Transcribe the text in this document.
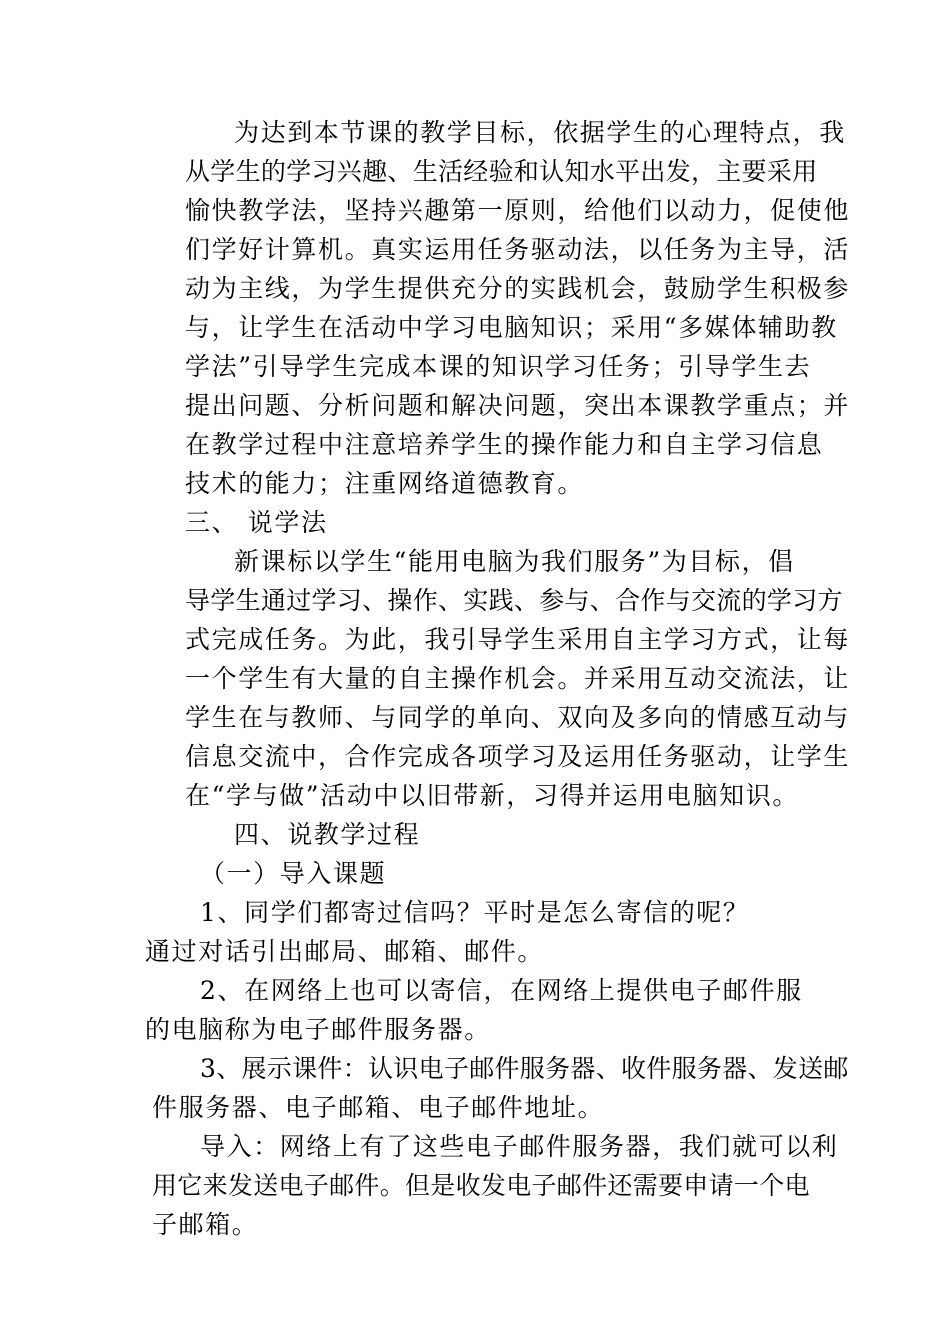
为达到本节课的教学目标，依据学生的心理特点，我
从学生的学习兴趣、生活经验和认知水平出发，主要采用
愉快教学法，坚持兴趣第一原则，给他们以动力，促使他
们学好计算机。真实运用任务驱动法，以任务为主导，活
动为主线，为学生提供充分的实践机会，鼓励学生积极参
与，让学生在活动中学习电脑知识；采用“多媒体辅助教
学法”引导学生完成本课的知识学习任务；引导学生去
提出问题、分析问题和解决问题，突出本课教学重点；并
在教学过程中注意培养学生的操作能力和自主学习信息
技术的能力；注重网络道德教育。
三、 说学法
新课标以学生“能用电脑为我们服务”为目标，倡
导学生通过学习、操作、实践、参与、合作与交流的学习方
式完成任务。为此，我引导学生采用自主学习方式，让每
一个学生有大量的自主操作机会。并采用互动交流法，让
学生在与教师、与同学的单向、双向及多向的情感互动与
信息交流中，合作完成各项学习及运用任务驱动，让学生
在“学与做”活动中以旧带新，习得并运用电脑知识。
四、说教学过程
（一）导入课题
1、同学们都寄过信吗？平时是怎么寄信的呢？
通过对话引出邮局、邮箱、邮件。
2、在网络上也可以寄信，在网络上提供电子邮件服
的电脑称为电子邮件服务器。
3、展示课件：认识电子邮件服务器、收件服务器、发送邮
件服务器、电子邮箱、电子邮件地址。
导入：网络上有了这些电子邮件服务器，我们就可以利
用它来发送电子邮件。但是收发电子邮件还需要申请一个电
子邮箱。
